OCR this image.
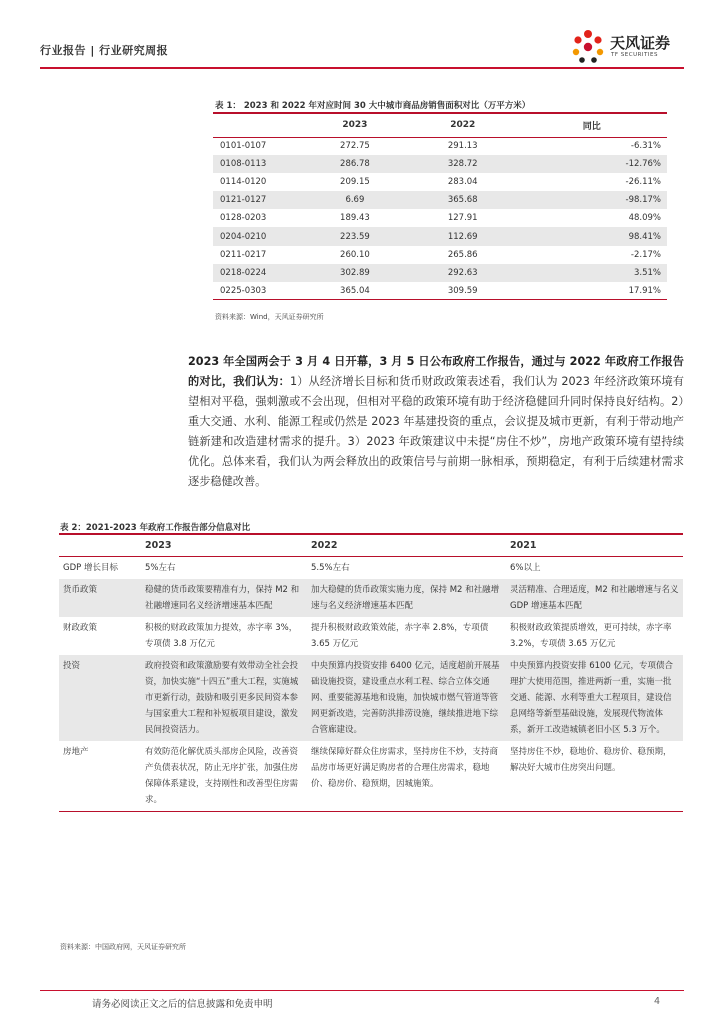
行业报告 | 行业研究周报	天风证券
TF SECURITIES
表 1： 2023 和 2022 年对应时间 30 大中城市商品房销售面积对比（万平方米）
	2023	2022	同比
0101-0107	272.75	291.13	-6.31%
0108-0113	286.78	328.72	-12.76%
0114-0120	209.15	283.04	-26.11%
0121-0127	6.69	365.68	-98.17%
0128-0203	189.43	127.91	48.09%
0204-0210	223.59	112.69	98.41%
0211-0217	260.10	265.86	-2.17%
0218-0224	302.89	292.63	3.51%
0225-0303	365.04	309.59	17.91%
资料来源：Wind，天风证券研究所
2023 年全国两会于 3 月 4 日开幕，3 月 5 日公布政府工作报告，通过与 2022 年政府工作报告的对比，我们认为：1）从经济增长目标和货币财政政策表述看，我们认为 2023 年经济政策环境有望相对平稳，强刺激或不会出现，但相对平稳的政策环境有助于经济稳健回升同时保持良好结构。2）重大交通、水利、能源工程或仍然是 2023 年基建投资的重点，会议提及城市更新，有利于带动地产链新建和改造建材需求的提升。3）2023 年政策建议中未提“房住不炒”，房地产政策环境有望持续优化。总体来看，我们认为两会释放出的政策信号与前期一脉相承，预期稳定，有利于后续建材需求逐步稳健改善。
表 2：2021-2023 年政府工作报告部分信息对比
	2023	2022	2021
GDP 增长目标	5%左右	5.5%左右	6%以上
货币政策	稳健的货币政策要精准有力，保持 M2 和社融增速同名义经济增速基本匹配	加大稳健的货币政策实施力度，保持 M2 和社融增速与名义经济增速基本匹配	灵活精准、合理适度，M2 和社融增速与名义 GDP 增速基本匹配
财政政策	积极的财政政策加力提效，赤字率 3%，专项债 3.8 万亿元	提升积极财政政策效能，赤字率 2.8%，专项债 3.65 万亿元	积极财政政策提质增效，更可持续，赤字率 3.2%，专项债 3.65 万亿元
投资	政府投资和政策激励要有效带动全社会投资，加快实施“十四五”重大工程，实施城市更新行动，鼓励和吸引更多民间资本参与国家重大工程和补短板项目建设，激发民间投资活力。	中央预算内投资安排 6400 亿元，适度超前开展基础设施投资，建设重点水利工程、综合立体交通网、重要能源基地和设施，加快城市燃气管道等管网更新改造，完善防洪排涝设施，继续推进地下综合管廊建设。	中央预算内投资安排 6100 亿元，专项债合理扩大使用范围，推进两新一重，实施一批交通、能源、水利等重大工程项目，建设信息网络等新型基础设施，发展现代物流体系，新开工改造城镇老旧小区 5.3 万个。
房地产	有效防范化解优质头部房企风险，改善资产负债表状况，防止无序扩张，加强住房保障体系建设，支持刚性和改善型住房需求。	继续保障好群众住房需求，坚持房住不炒，支持商品房市场更好满足购房者的合理住房需求，稳地价、稳房价、稳预期，因城施策。	坚持房住不炒，稳地价、稳房价、稳预期，解决好大城市住房突出问题。
资料来源：中国政府网，天风证券研究所
请务必阅读正文之后的信息披露和免责申明	4
